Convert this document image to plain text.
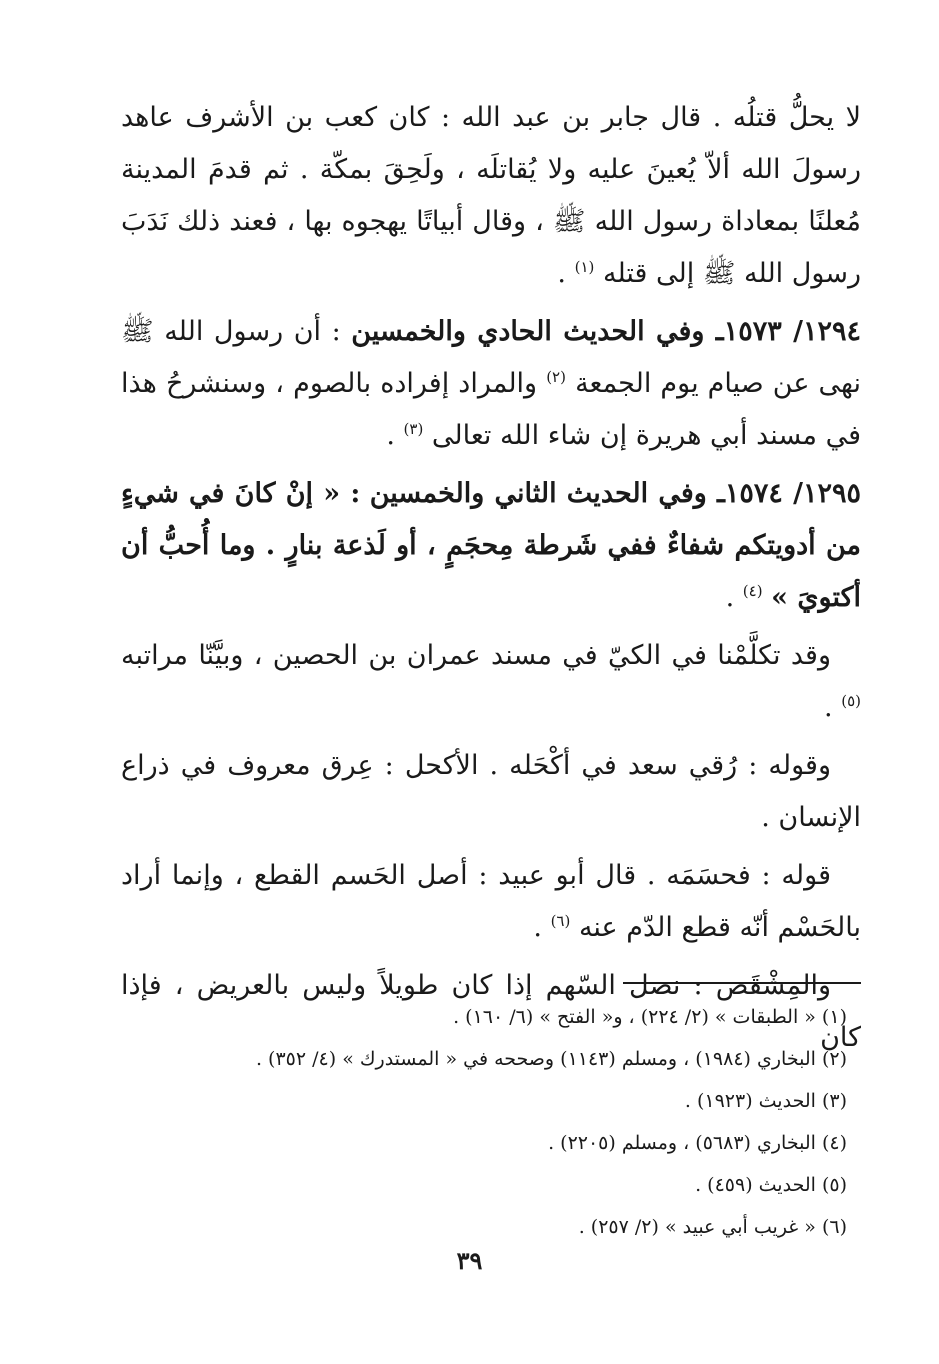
لا يحلُّ قتلُه . قال جابر بن عبد الله : كان كعب بن الأشرف عاهد رسولَ الله ألاّ يُعينَ عليه ولا يُقاتلَه ، ولَحِقَ بمكّة . ثم قدمَ المدينة مُعلنًا بمعاداة رسول الله ﷺ ، وقال أبياتًا يهجوه بها ، فعند ذلك نَدَبَ رسول الله ﷺ إلى قتله $^{(١)}$ .

١٢٩٤/ ١٥٧٣ـ وفي الحديث الحادي والخمسين : أن رسول الله ﷺ نهى عن صيام يوم الجمعة $^{(٢)}$ والمراد إفراده بالصوم ، وسنشرحُ هذا في مسند أبي هريرة إن شاء الله تعالى $^{(٣)}$ .

١٢٩٥/ ١٥٧٤ـ وفي الحديث الثاني والخمسين : « إنْ كانَ في شيءٍ من أدويتكم شفاءٌ ففي شَرطة مِحجَمٍ ، أو لَذعة بنارٍ . وما أُحبُّ أن أكتويَ » $^{(٤)}$ .

وقد تكلَّمْنا في الكيّ في مسند عمران بن الحصين ، وبيَّنّا مراتبه $^{(٥)}$ .

وقوله : رُقي سعد في أكْحَله . الأكحل : عِرق معروف في ذراع الإنسان .

قوله : فحسَمَه . قال أبو عبيد : أصل الحَسم القطع ، وإنما أراد بالحَسْم أنّه قطع الدّم عنه $^{(٦)}$ .

والمِشْقَص : نصل السّهم إذا كان طويلاً وليس بالعريض ، فإذا كان

(١) « الطبقات » (٢/ ٢٢٤) ، و« الفتح » (٦/ ١٦٠) .

(٢) البخاري (١٩٨٤) ، ومسلم (١١٤٣) وصححه في « المستدرك » (٤/ ٣٥٢) .

(٣) الحديث (١٩٢٣) .

(٤) البخاري (٥٦٨٣) ، ومسلم (٢٢٠٥) .

(٥) الحديث (٤٥٩) .

(٦) « غريب أبي عبيد » (٢/ ٢٥٧) .

٣٩
